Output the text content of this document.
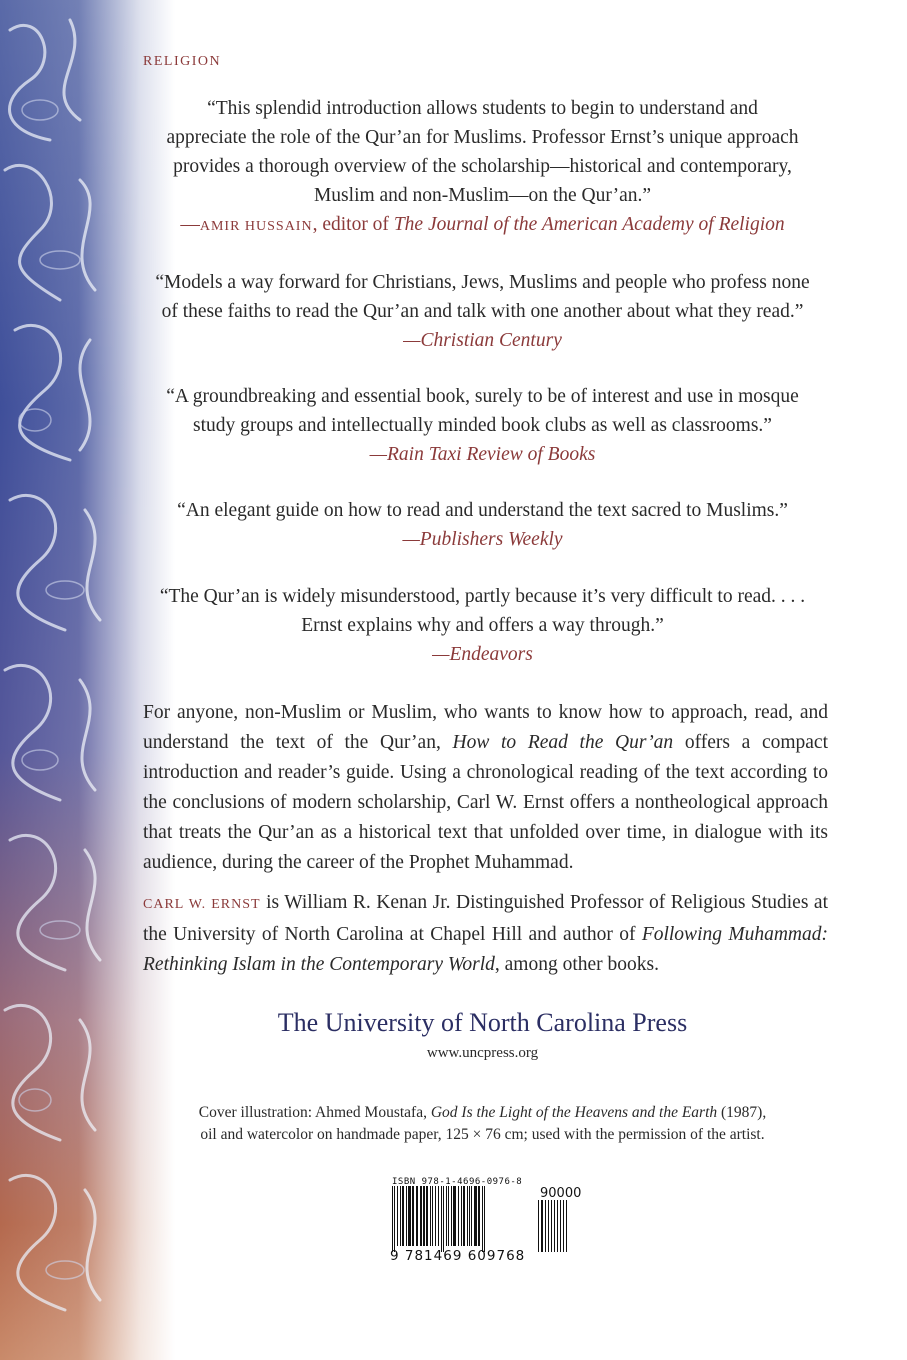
RELIGION
“This splendid introduction allows students to begin to understand and
appreciate the role of the Qur’an for Muslims. Professor Ernst’s unique approach
provides a thorough overview of the scholarship—historical and contemporary,
Muslim and non-Muslim—on the Qur’an.”
—AMIR HUSSAIN, editor of The Journal of the American Academy of Religion
“Models a way forward for Christians, Jews, Muslims and people who profess none
of these faiths to read the Qur’an and talk with one another about what they read.”
—Christian Century
“A groundbreaking and essential book, surely to be of interest and use in mosque
study groups and intellectually minded book clubs as well as classrooms.”
—Rain Taxi Review of Books
“An elegant guide on how to read and understand the text sacred to Muslims.”
—Publishers Weekly
“The Qur’an is widely misunderstood, partly because it’s very difficult to read. . . .
Ernst explains why and offers a way through.”
—Endeavors
For anyone, non-Muslim or Muslim, who wants to know how to approach, read, and understand the text of the Qur’an, How to Read the Qur’an offers a compact introduction and reader’s guide. Using a chronological reading of the text according to the conclusions of modern scholarship, Carl W. Ernst offers a nontheological approach that treats the Qur’an as a historical text that unfolded over time, in dialogue with its audience, during the career of the Prophet Muhammad.
CARL W. ERNST is William R. Kenan Jr. Distinguished Professor of Religious Studies at the University of North Carolina at Chapel Hill and author of Following Muhammad: Rethinking Islam in the Contemporary World, among other books.
The University of North Carolina Press
www.uncpress.org
Cover illustration: Ahmed Moustafa, God Is the Light of the Heavens and the Earth (1987),
oil and watercolor on handmade paper, 125 × 76 cm; used with the permission of the artist.
ISBN 978-1-4696-0976-8
90000
9 781469 609768
